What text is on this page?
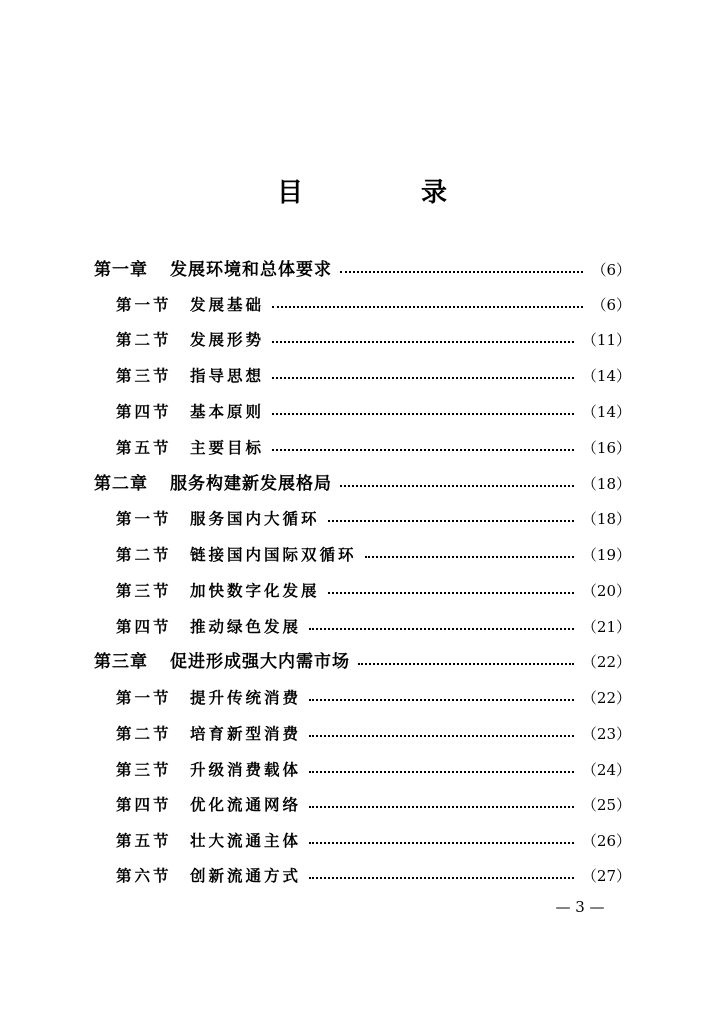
目　录
第一章	发展环境和总体要求	（6）
第一节	发展基础	（6）
第二节	发展形势	（11）
第三节	指导思想	（14）
第四节	基本原则	（14）
第五节	主要目标	（16）
第二章	服务构建新发展格局	（18）
第一节	服务国内大循环	（18）
第二节	链接国内国际双循环	（19）
第三节	加快数字化发展	（20）
第四节	推动绿色发展	（21）
第三章	促进形成强大内需市场	（22）
第一节	提升传统消费	（22）
第二节	培育新型消费	（23）
第三节	升级消费载体	（24）
第四节	优化流通网络	（25）
第五节	壮大流通主体	（26）
第六节	创新流通方式	（27）
— 3 —
